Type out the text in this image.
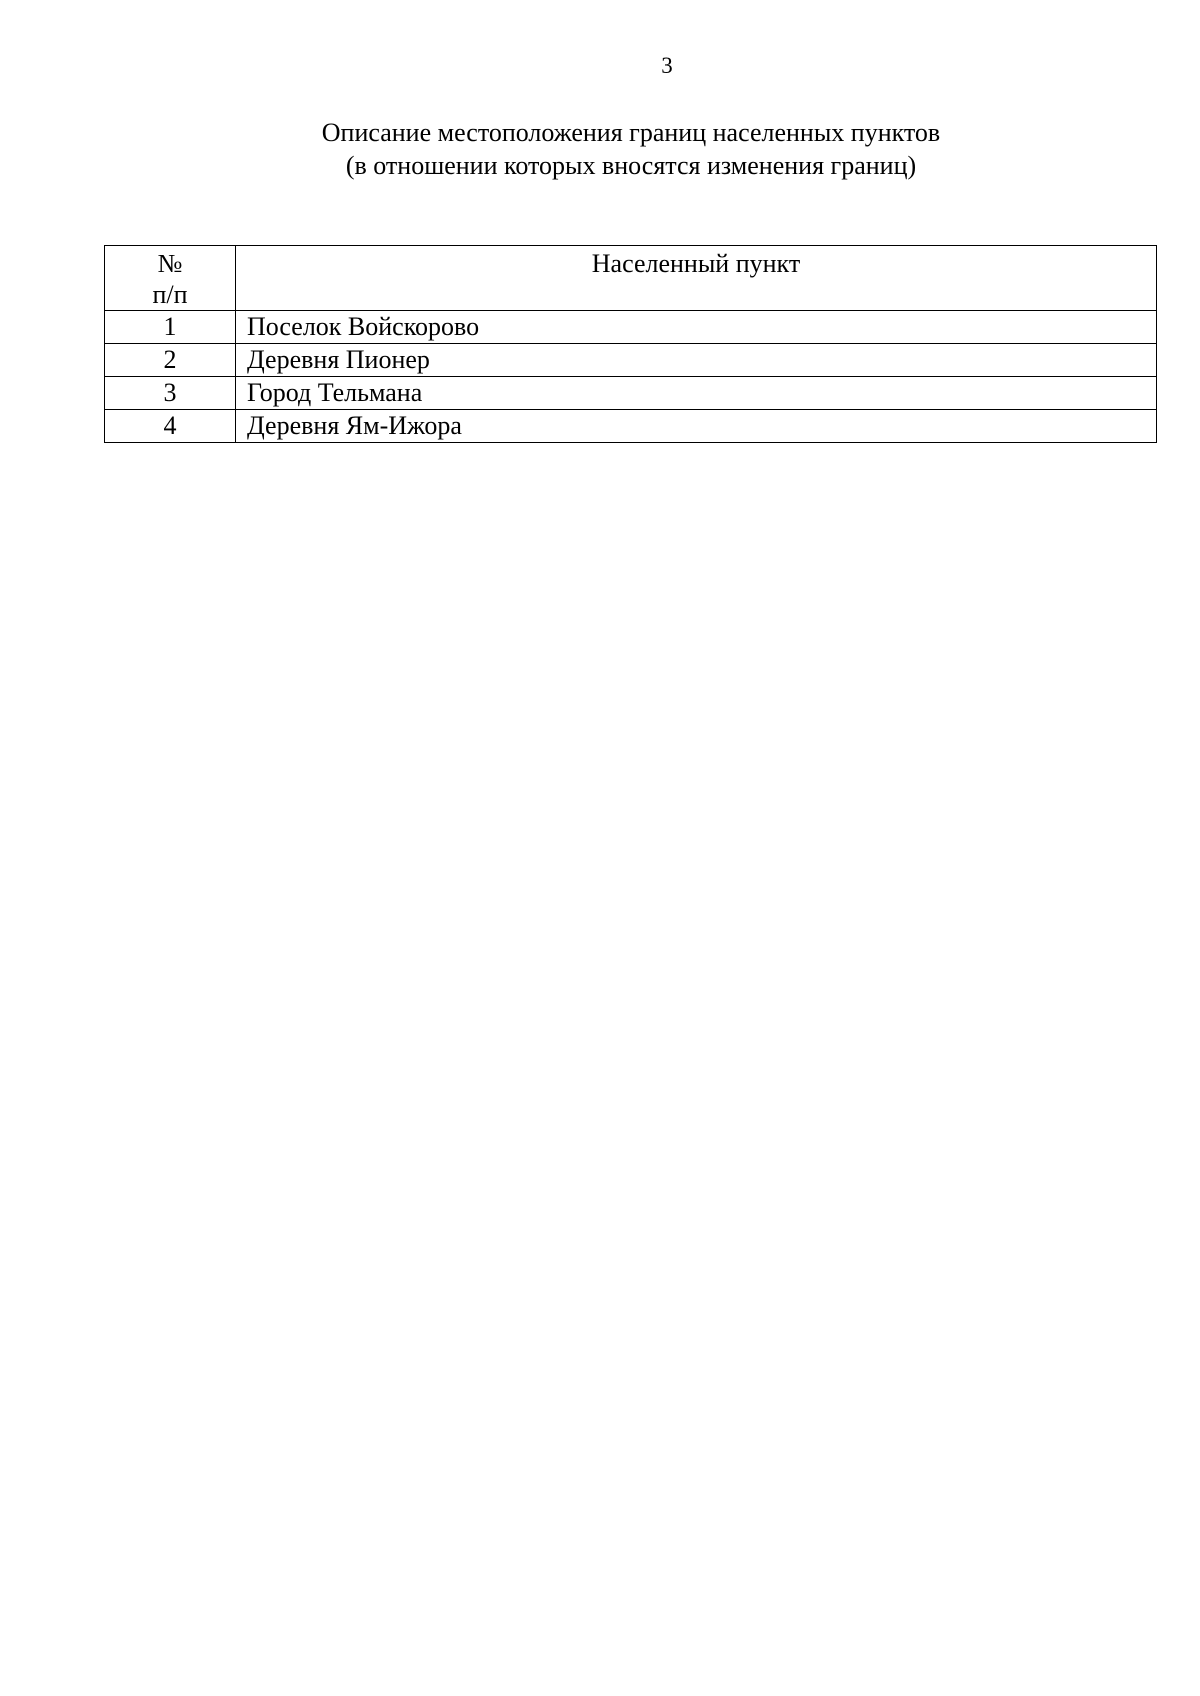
3
Описание местоположения границ населенных пунктов
(в отношении которых вносятся изменения границ)
№
п/п	Населенный пункт
1	Поселок Войскорово
2	Деревня Пионер
3	Город Тельмана
4	Деревня Ям-Ижора
